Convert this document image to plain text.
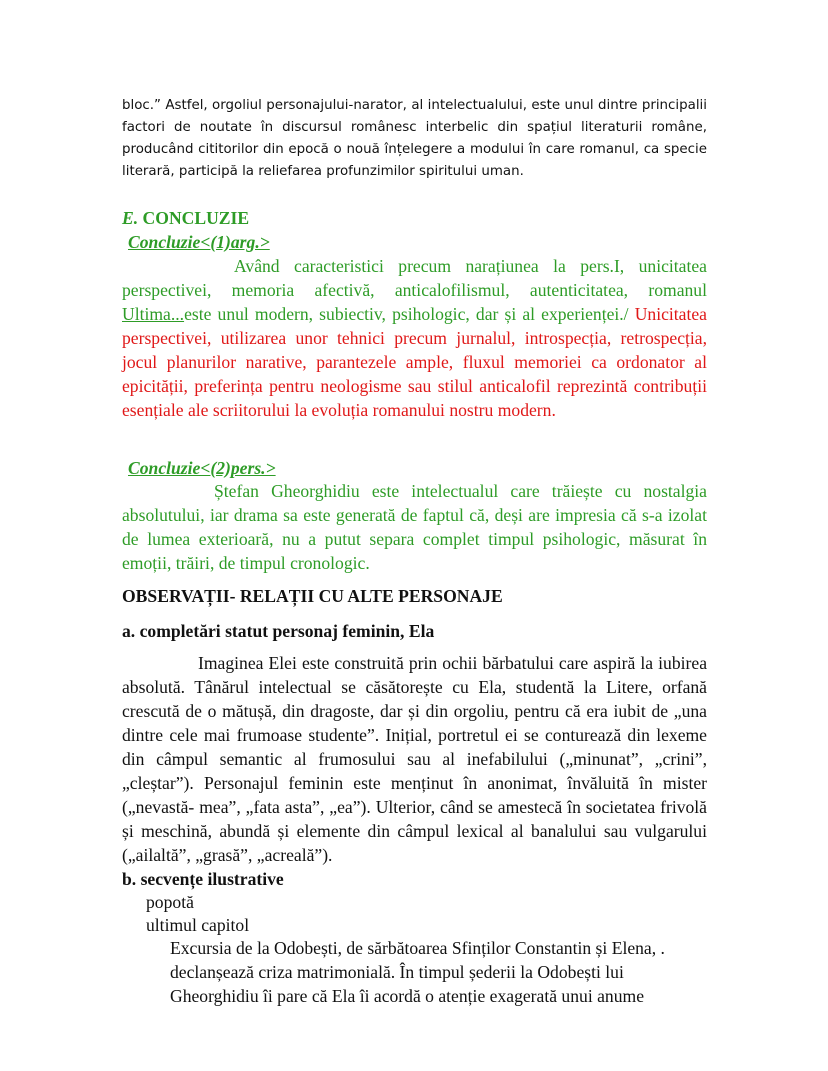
bloc.” Astfel, orgoliul personajului-narator, al intelectualului, este unul dintre principalii factori de noutate în discursul românesc interbelic din spațiul literaturii române, producând cititorilor din epocă o nouă înțelegere a modului în care romanul, ca specie literară, participă la reliefarea profunzimilor spiritului uman.

E. CONCLUZIE
Concluzie<(1)arg.>

Având caracteristici precum narațiunea la pers.I, unicitatea perspectivei, memoria afectivă, anticalofilismul, autenticitatea, romanul Ultima...este unul modern, subiectiv, psihologic, dar și al experienței./ Unicitatea perspectivei, utilizarea unor tehnici precum jurnalul, introspecția, retrospecția, jocul planurilor narative, parantezele ample, fluxul memoriei ca ordonator al epicității, preferința pentru neologisme sau stilul anticalofil reprezintă contribuții esențiale ale scriitorului la evoluția romanului nostru modern.

Concluzie<(2)pers.>

Ștefan Gheorghidiu este intelectualul care trăiește cu nostalgia absolutului, iar drama sa este generată de faptul că, deși are impresia că s-a izolat de lumea exterioară, nu a putut separa complet timpul psihologic, măsurat în emoții, trăiri, de timpul cronologic.

OBSERVAȚII- RELAȚII CU ALTE PERSONAJE
a. completări statut personaj feminin, Ela

Imaginea Elei este construită prin ochii bărbatului care aspiră la iubirea absolută. Tânărul intelectual se căsătorește cu Ela, studentă la Litere, orfană crescută de o mătușă, din dragoste, dar și din orgoliu, pentru că era iubit de „una dintre cele mai frumoase studente”. Inițial, portretul ei se conturează din lexeme din câmpul semantic al frumosului sau al inefabilului („minunat”, „crini”, „cleștar”). Personajul feminin este menținut în anonimat, învăluită în mister („nevastă- mea”, „fata asta”, „ea”). Ulterior, când se amestecă în societatea frivolă și meschină, abundă și elemente din câmpul lexical al banalului sau vulgarului („ailaltă”, „grasă”, „acreală”).

b. secvențe ilustrative
popotă
ultimul capitol

Excursia de la Odobești, de sărbătoarea Sfinților Constantin și Elena, . declanșează criza matrimonială. În timpul șederii la Odobești lui Gheorghidiu îi pare că Ela îi acordă o atenție exagerată unui anume
